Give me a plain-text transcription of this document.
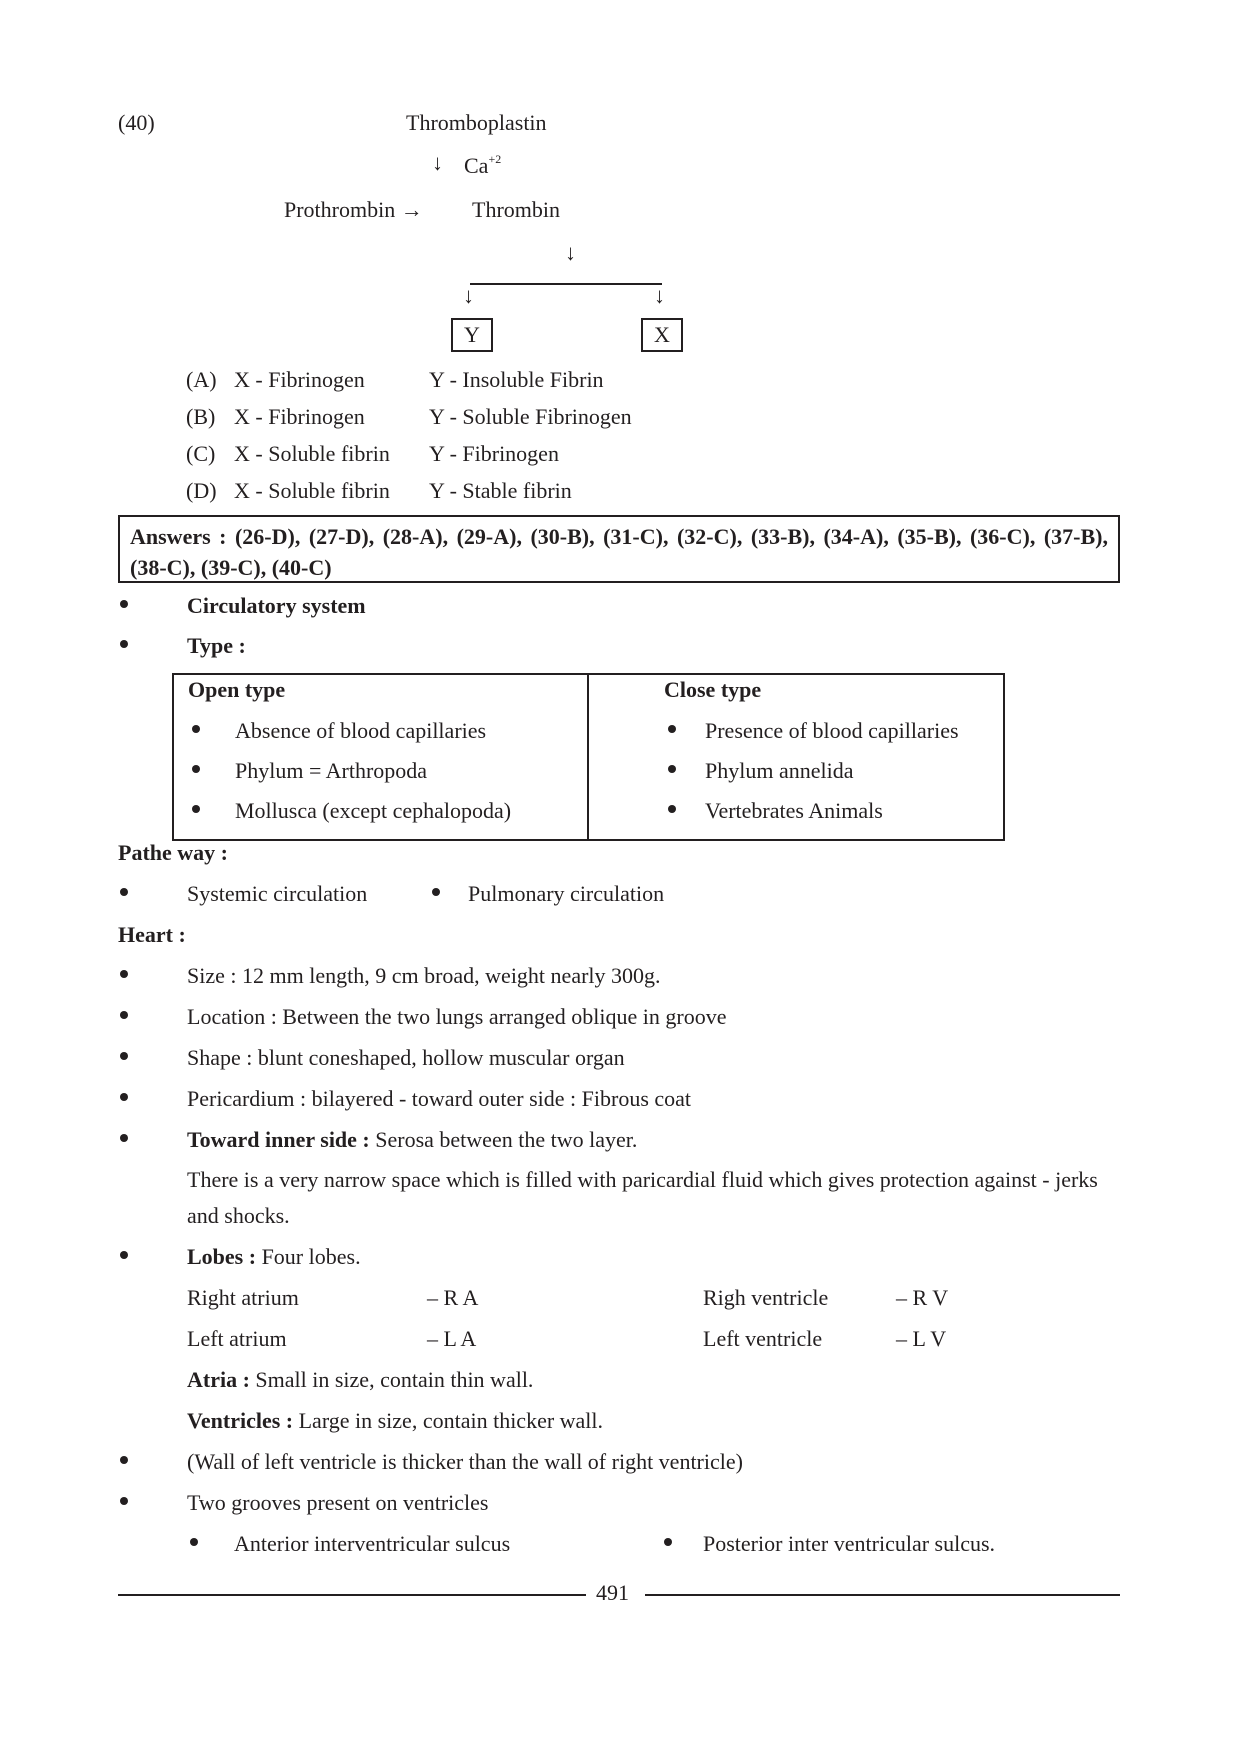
(40)	Thromboplastin
↓ $Ca^{+2}$
Prothrombin → Thrombin
↓
↓	↓
Y	X
(A) X - Fibrinogen	Y - Insoluble Fibrin
(B) X - Fibrinogen	Y - Soluble Fibrinogen
(C) X - Soluble fibrin Y - Fibrinogen
(D) X - Soluble fibrin Y - Stable fibrin
Answers : (26-D), (27-D), (28-A), (29-A), (30-B), (31-C), (32-C), (33-B), (34-A), (35-B), (36-C), (37-B), (38-C), (39-C), (40-C)
Circulatory system
Type :
Open type
Absence of blood capillaries
Phylum = Arthropoda
Mollusca (except cephalopoda)
Close type
Presence of blood capillaries
Phylum annelida
Vertebrates Animals
Pathe way :
Systemic circulation	Pulmonary circulation
Heart :
Size : 12 mm length, 9 cm broad, weight nearly 300g.
Location : Between the two lungs arranged oblique in groove
Shape : blunt coneshaped, hollow muscular organ
Pericardium : bilayered - toward outer side : Fibrous coat
Toward inner side : Serosa between the two layer.
There is a very narrow space which is filled with paricardial fluid which gives protection against - jerks
and shocks.
Lobes : Four lobes.
Right atrium	– R A	Righ ventricle	– R V
Left atrium	– L A	Left ventricle	– L V
Atria : Small in size, contain thin wall.
Ventricles : Large in size, contain thicker wall.
(Wall of left ventricle is thicker than the wall of right ventricle)
Two grooves present on ventricles
Anterior interventricular sulcus	Posterior inter ventricular sulcus.
491
